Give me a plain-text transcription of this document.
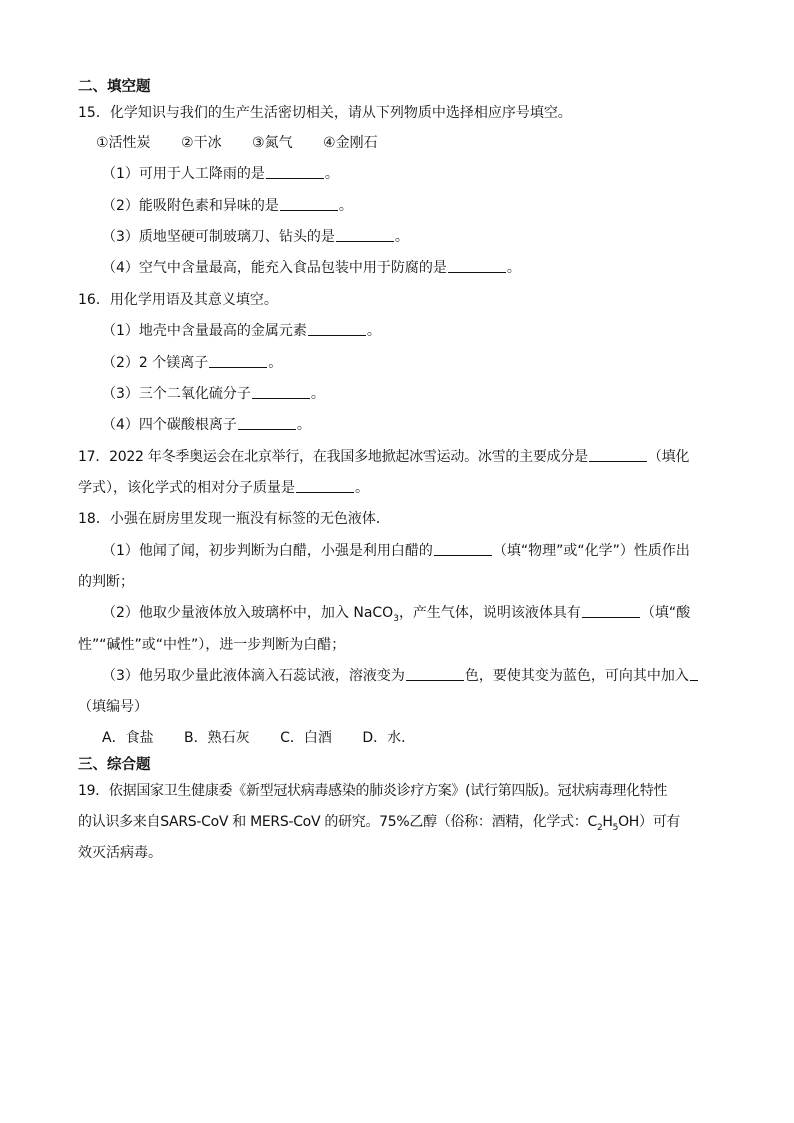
二、填空题
15．化学知识与我们的生产生活密切相关，请从下列物质中选择相应序号填空。
①活性炭 ②干冰 ③氮气 ④金刚石
（1）可用于人工降雨的是	。
（2）能吸附色素和异味的是	。
（3）质地坚硬可制玻璃刀、钻头的是	。
（4）空气中含量最高，能充入食品包装中用于防腐的是	。
16．用化学用语及其意义填空。
（1）地壳中含量最高的金属元素	。
（2）2 个镁离子	。
（3）三个二氧化硫分子	。
（4）四个碳酸根离子	。
17．2022 年冬季奥运会在北京举行，在我国多地掀起冰雪运动。冰雪的主要成分是	（填化
学式），该化学式的相对分子质量是	。
18．小强在厨房里发现一瓶没有标签的无色液体．
（1）他闻了闻，初步判断为白醋，小强是利用白醋的	（填“物理”或“化学”）性质作出
的判断；
（2）他取少量液体放入玻璃杯中，加入 NaCO$_3$，产生气体，说明该液体具有	（填“酸
性”“碱性”或“中性”），进一步判断为白醋；
（3）他另取少量此液体滴入石蕊试液，溶液变为	色，要使其变为蓝色，可向其中加入
（填编号）
A．食盐 B．熟石灰 C．白酒 D．水．
三、综合题
19．依据国家卫生健康委《新型冠状病毒感染的肺炎诊疗方案》(试行第四版)。冠状病毒理化特性
的认识多来自SARS-CoV 和 MERS-CoV 的研究。75%乙醇（俗称：酒精，化学式：$C_2H_5OH$）可有
效灭活病毒。
